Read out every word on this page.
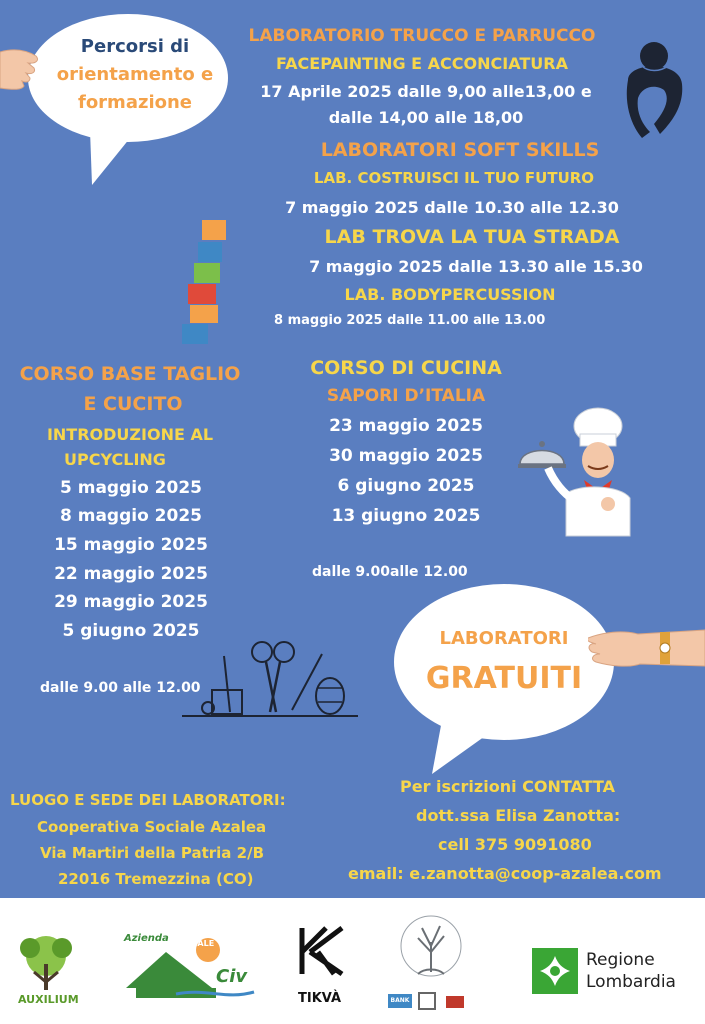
Percorsi di
orientamento e
formazione
LABORATORIO TRUCCO E PARRUCCO
FACEPAINTING E ACCONCIATURA
17 Aprile 2025 dalle 9,00 alle13,00 e
dalle 14,00 alle 18,00
LABORATORI SOFT SKILLS
LAB. COSTRUISCI IL TUO FUTURO
7 maggio 2025 dalle 10.30 alle 12.30
LAB TROVA LA TUA STRADA
7 maggio 2025 dalle 13.30 alle 15.30
LAB. BODYPERCUSSION
8 maggio 2025 dalle 11.00 alle 13.00
CORSO BASE TAGLIO
E CUCITO
INTRODUZIONE AL
UPCYCLING
5 maggio 2025
8 maggio 2025
15 maggio 2025
22 maggio 2025
29 maggio 2025
5 giugno 2025
dalle 9.00 alle 12.00
CORSO DI CUCINA
SAPORI D’ITALIA
23 maggio 2025
30 maggio 2025
6 giugno 2025
13 giugno 2025
dalle 9.00alle 12.00
LABORATORI
GRATUITI
LUOGO E SEDE DEI LABORATORI:
Cooperativa Sociale Azalea
Via Martiri della Patria 2/B
22016 Tremezzina (CO)
Per iscrizioni CONTATTA
dott.ssa Elisa Zanotta:
cell 375 9091080
email: e.zanotta@coop-azalea.com
AUXILIUM
Azienda SOCIALE
Civ
TIKVÀ	BANK
Regione
Lombardia
